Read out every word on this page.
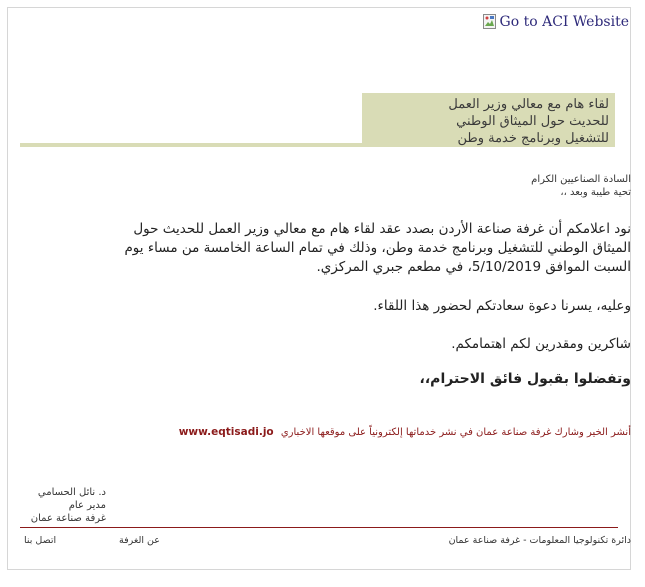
Go to ACI Website
لقاء هام مع معالي وزير العمل
للحديث حول الميثاق الوطني
للتشغيل وبرنامج خدمة وطن
السادة الصناعيين الكرام
تحية طيبة وبعد ،،
نود اعلامكم أن غرفة صناعة الأردن بصدد عقد لقاء هام مع معالي وزير العمل للحديث حول
الميثاق الوطني للتشغيل وبرنامج خدمة وطن، وذلك في تمام الساعة الخامسة من مساء يوم
السبت الموافق 5/10/2019، في مطعم جبري المركزي.
وعليه، يسرنا دعوة سعادتكم لحضور هذا اللقاء.
شاكرين ومقدرين لكم اهتمامكم.
وتفضلوا بقبول فائق الاحترام،،
أنشر الخير وشارك غرفة صناعة عمان في نشر خدماتها إلكترونياً على موقعها الاخباري www.eqtisadi.jo
د. نائل الحسامي
مدير عام
غرفة صناعة عمان
اتصل بنا	عن الغرفة	دائرة تكنولوجيا المعلومات - غرفة صناعة عمان
